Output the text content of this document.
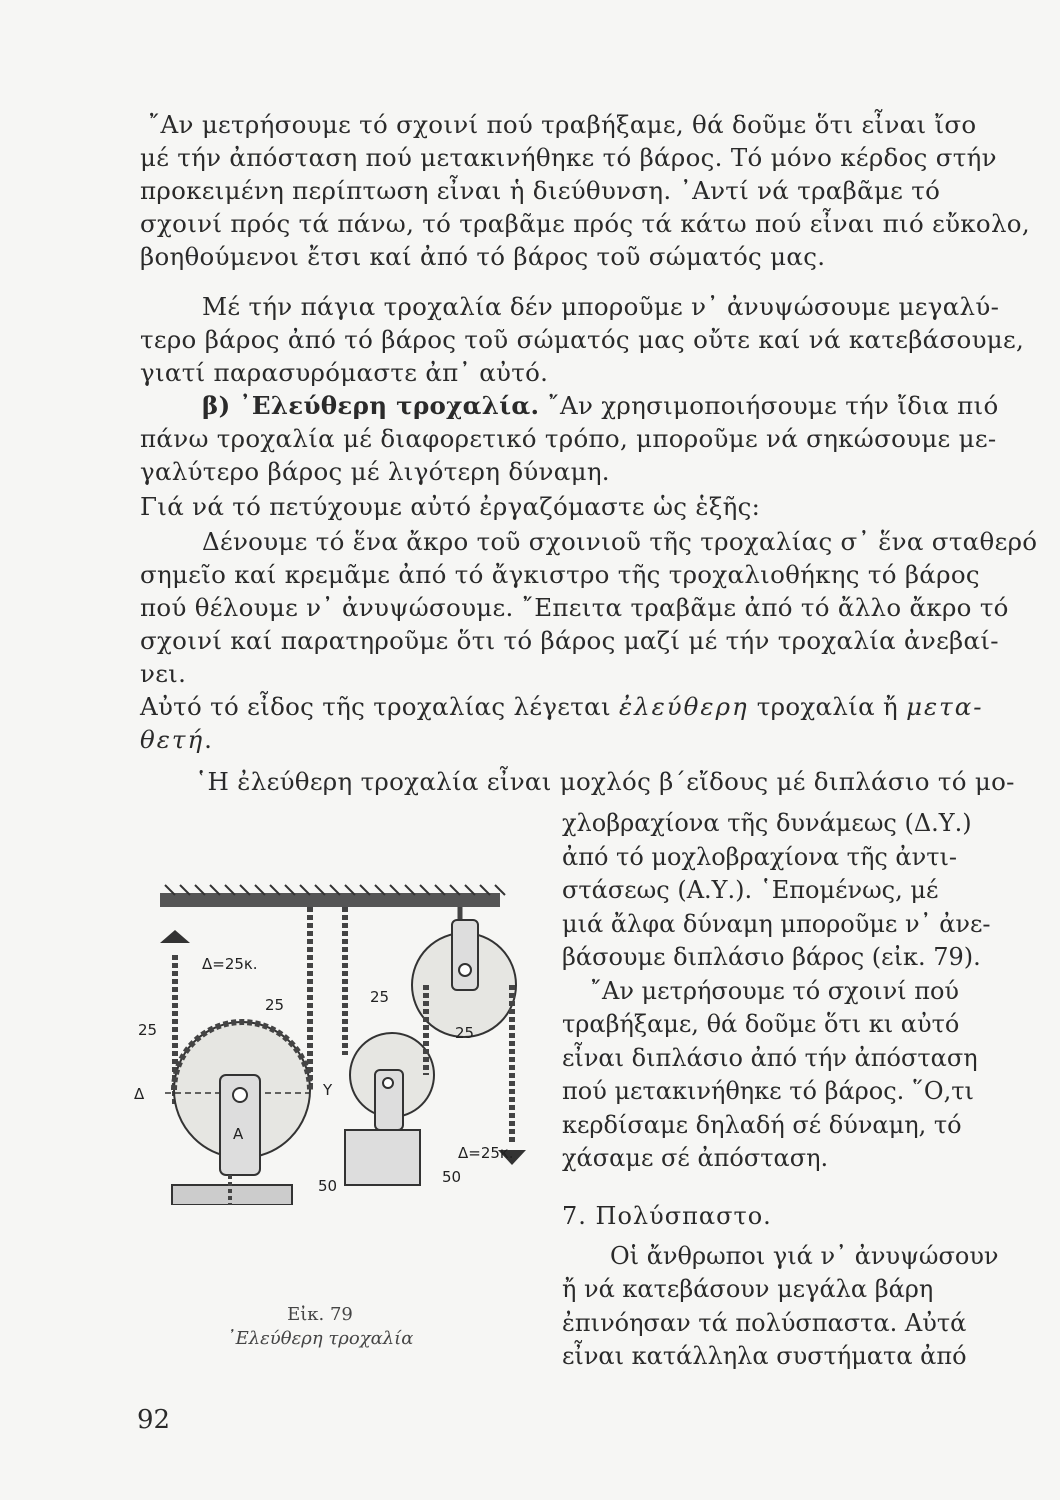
῎Αν μετρήσουμε τό σχοινί πού τραβήξαμε, θά δοῦμε ὅτι εἶναι ἴσο
μέ τήν ἀπόσταση πού μετακινήθηκε τό βάρος. Τό μόνο κέρδος στήν
προκειμένη περίπτωση εἶναι ἡ διεύθυνση. ᾿Αντί νά τραβᾶμε τό
σχοινί πρός τά πάνω, τό τραβᾶμε πρός τά κάτω πού εἶναι πιό εὔκολο,
βοηθούμενοι ἔτσι καί ἀπό τό βάρος τοῦ σώματός μας.
Μέ τήν πάγια τροχαλία δέν μποροῦμε ν᾿ ἀνυψώσουμε μεγαλύ-
τερο βάρος ἀπό τό βάρος τοῦ σώματός μας οὔτε καί νά κατεβάσουμε,
γιατί παρασυρόμαστε ἀπ᾿ αὐτό.
β) ᾿Ελεύθερη τροχαλία. ῎Αν χρησιμοποιήσουμε τήν ἴδια πιό
πάνω τροχαλία μέ διαφορετικό τρόπο, μποροῦμε νά σηκώσουμε με-
γαλύτερο βάρος μέ λιγότερη δύναμη.
Γιά νά τό πετύχουμε αὐτό ἐργαζόμαστε ὡς ἑξῆς:
Δένουμε τό ἕνα ἄκρο τοῦ σχοινιοῦ τῆς τροχαλίας σ᾿ ἕνα σταθερό
σημεῖο καί κρεμᾶμε ἀπό τό ἄγκιστρο τῆς τροχαλιοθήκης τό βάρος
πού θέλουμε ν᾿ ἀνυψώσουμε. ῎Επειτα τραβᾶμε ἀπό τό ἄλλο ἄκρο τό
σχοινί καί παρατηροῦμε ὅτι τό βάρος μαζί μέ τήν τροχαλία ἀνεβαί-
νει.
Αὐτό τό εἶδος τῆς τροχαλίας λέγεται ἐλεύθερη τροχαλία ἤ μετα-
θετή.
῾Η ἐλεύθερη τροχαλία εἶναι μοχλός β΄εἴδους μέ διπλάσιο τό μο-
χλοβραχίονα τῆς δυνάμεως (Δ.Υ.)
ἀπό τό μοχλοβραχίονα τῆς ἀντι-
στάσεως (Α.Υ.). ῾Επομένως, μέ
μιά ἄλφα δύναμη μποροῦμε ν᾿ ἀνε-
βάσουμε διπλάσιο βάρος (εἰκ. 79).
῎Αν μετρήσουμε τό σχοινί πού
τραβήξαμε, θά δοῦμε ὅτι κι αὐτό
εἶναι διπλάσιο ἀπό τήν ἀπόσταση
πού μετακινήθηκε τό βάρος. ῞Ο,τι
κερδίσαμε δηλαδή σέ δύναμη, τό
χάσαμε σέ ἀπόσταση.
7. Πολύσπαστο.
Οἱ ἄνθρωποι γιά ν᾿ ἀνυψώσουν
ἤ νά κατεβάσουν μεγάλα βάρη
ἐπινόησαν τά πολύσπαστα. Αὐτά
εἶναι κατάλληλα συστήματα ἀπό
Δ=25κ.
25
25
25
25
Δ
Α
Υ
Δ=25κ.
50	50
Εἰκ. 79
᾿Ελεύθερη τροχαλία
92
